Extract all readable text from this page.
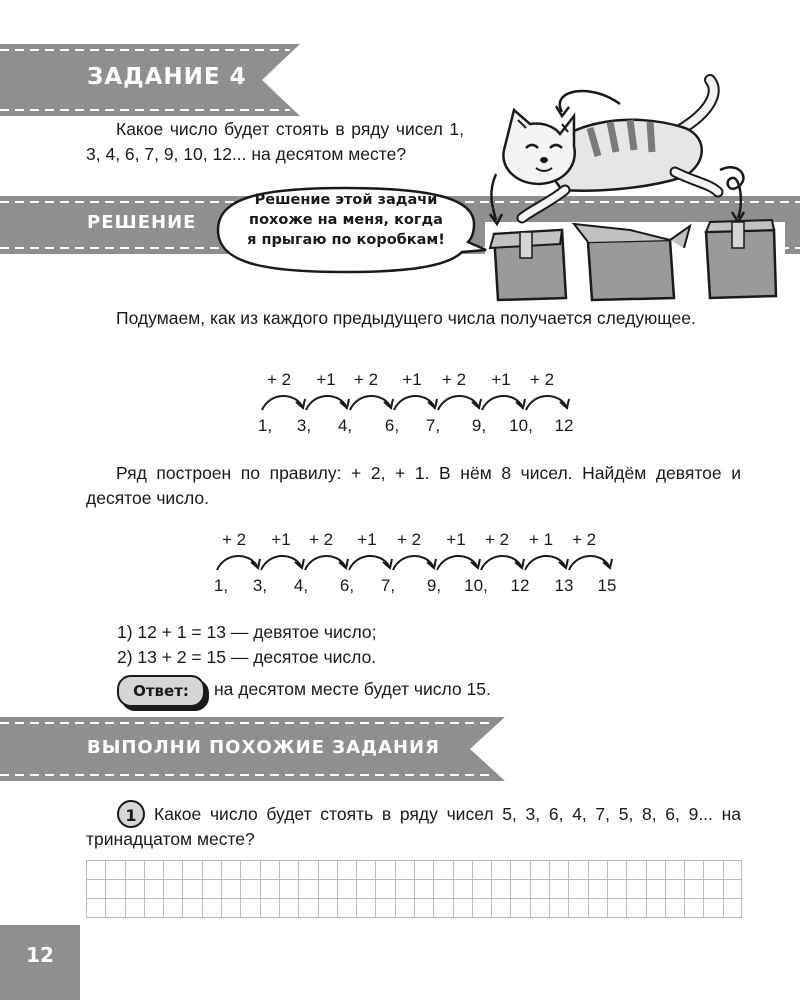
ЗАДАНИЕ 4

Какое число будет стоять в ряду чисел 1, 3, 4, 6, 7, 9, 10, 12... на десятом месте?

РЕШЕНИЕ
Решение этой задачи
похоже на меня, когда
я прыгаю по коробкам!

Подумаем, как из каждого предыдущего числа получается следующее.

+ 2 +1 + 2 +1 + 2 +1 + 2
1, 3, 4, 6, 7, 9, 10, 12

Ряд построен по правилу: + 2, + 1. В нём 8 чисел. Найдём девятое и десятое число.

+ 2 +1 + 2 +1 + 2 +1 + 2 + 1 + 2
1, 3, 4, 6, 7, 9, 10, 12 13 15

1) 12 + 1 = 13 — девятое число;

2) 13 + 2 = 15 — десятое число.

Ответ:	на десятом месте будет число 15.
ВЫПОЛНИ ПОХОЖИЕ ЗАДАНИЯ
1 Какое число будет стоять в ряду чисел 5, 3, 6, 4, 7, 5, 8, 6, 9... на тринадцатом месте?

12
